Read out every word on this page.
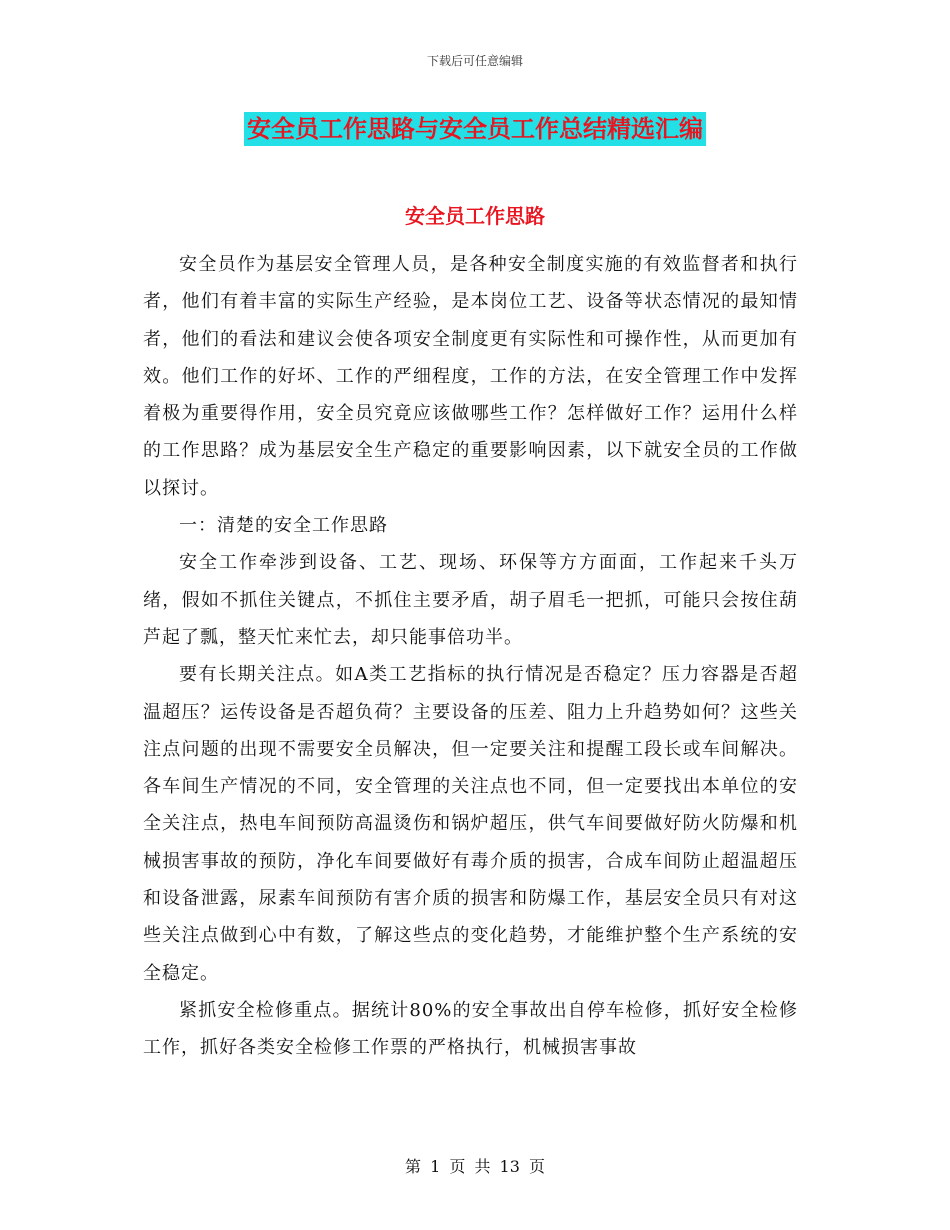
下载后可任意编辑
安全员工作思路与安全员工作总结精选汇编
安全员工作思路

安全员作为基层安全管理人员，是各种安全制度实施的有效监督者和执行者，他们有着丰富的实际生产经验，是本岗位工艺、设备等状态情况的最知情者，他们的看法和建议会使各项安全制度更有实际性和可操作性，从而更加有效。他们工作的好坏、工作的严细程度，工作的方法，在安全管理工作中发挥着极为重要得作用，安全员究竟应该做哪些工作？怎样做好工作？运用什么样的工作思路？成为基层安全生产稳定的重要影响因素，以下就安全员的工作做以探讨。

一：清楚的安全工作思路

安全工作牵涉到设备、工艺、现场、环保等方方面面，工作起来千头万绪，假如不抓住关键点，不抓住主要矛盾，胡子眉毛一把抓，可能只会按住葫芦起了瓢，整天忙来忙去，却只能事倍功半。

要有长期关注点。如A类工艺指标的执行情况是否稳定？压力容器是否超温超压？运传设备是否超负荷？主要设备的压差、阻力上升趋势如何？这些关注点问题的出现不需要安全员解决，但一定要关注和提醒工段长或车间解决。各车间生产情况的不同，安全管理的关注点也不同，但一定要找出本单位的安全关注点，热电车间预防高温烫伤和锅炉超压，供气车间要做好防火防爆和机械损害事故的预防，净化车间要做好有毒介质的损害，合成车间防止超温超压和设备泄露，尿素车间预防有害介质的损害和防爆工作，基层安全员只有对这些关注点做到心中有数，了解这些点的变化趋势，才能维护整个生产系统的安全稳定。

紧抓安全检修重点。据统计80%的安全事故出自停车检修，抓好安全检修工作，抓好各类安全检修工作票的严格执行，机械损害事故

第 1 页 共 13 页
